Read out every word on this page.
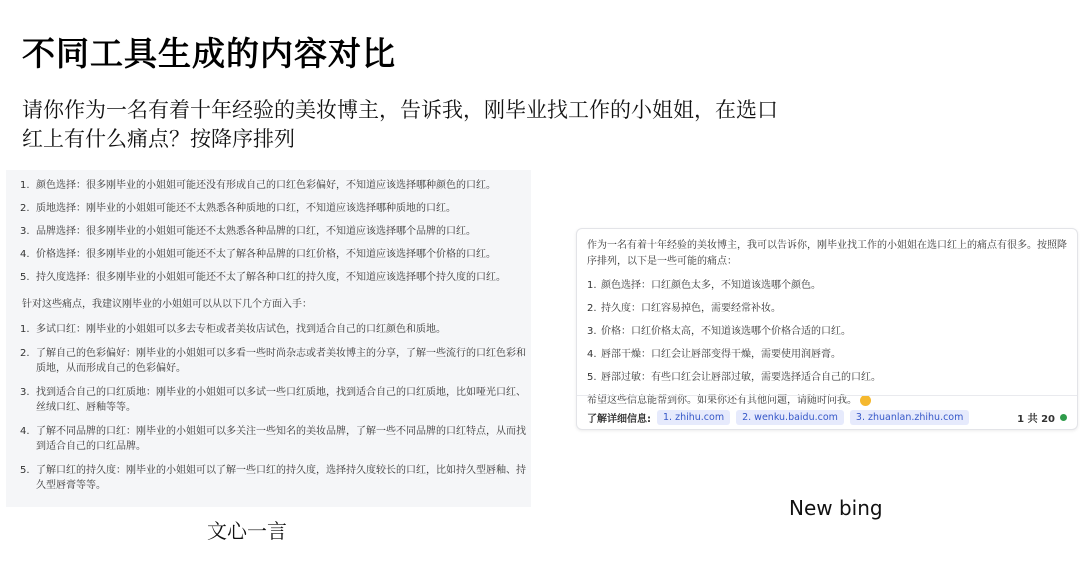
不同工具生成的内容对比
请你作为一名有着十年经验的美妆博主，告诉我，刚毕业找工作的小姐姐，在选口红上有什么痛点？按降序排列
1. 颜色选择：很多刚毕业的小姐姐可能还没有形成自己的口红色彩偏好，不知道应该选择哪种颜色的口红。
2. 质地选择：刚毕业的小姐姐可能还不太熟悉各种质地的口红，不知道应该选择哪种质地的口红。
3. 品牌选择：很多刚毕业的小姐姐可能还不太熟悉各种品牌的口红，不知道应该选择哪个品牌的口红。
4. 价格选择：很多刚毕业的小姐姐可能还不太了解各种品牌的口红价格，不知道应该选择哪个价格的口红。
5. 持久度选择：很多刚毕业的小姐姐可能还不太了解各种口红的持久度，不知道应该选择哪个持久度的口红。
针对这些痛点，我建议刚毕业的小姐姐可以从以下几个方面入手：
1. 多试口红：刚毕业的小姐姐可以多去专柜或者美妆店试色，找到适合自己的口红颜色和质地。
2. 了解自己的色彩偏好：刚毕业的小姐姐可以多看一些时尚杂志或者美妆博主的分享，了解一些流行的口红色彩和质地，从而形成自己的色彩偏好。
3. 找到适合自己的口红质地：刚毕业的小姐姐可以多试一些口红质地，找到适合自己的口红质地，比如哑光口红、丝绒口红、唇釉等等。
4. 了解不同品牌的口红：刚毕业的小姐姐可以多关注一些知名的美妆品牌，了解一些不同品牌的口红特点，从而找到适合自己的口红品牌。
5. 了解口红的持久度：刚毕业的小姐姐可以了解一些口红的持久度，选择持久度较长的口红，比如持久型唇釉、持久型唇膏等等。
文心一言
作为一名有着十年经验的美妆博主，我可以告诉你，刚毕业找工作的小姐姐在选口红上的痛点有很多。按照降序排列，以下是一些可能的痛点：
1. 颜色选择：口红颜色太多，不知道该选哪个颜色。
2. 持久度：口红容易掉色，需要经常补妆。
3. 价格：口红价格太高，不知道该选哪个价格合适的口红。
4. 唇部干燥：口红会让唇部变得干燥，需要使用润唇膏。
5. 唇部过敏：有些口红会让唇部过敏，需要选择适合自己的口红。
希望这些信息能帮到你。如果你还有其他问题，请随时问我。
了解详细信息:	1. zhihu.com	2. wenku.baidu.com	3. zhuanlan.zhihu.com	1 共 20
New bing
